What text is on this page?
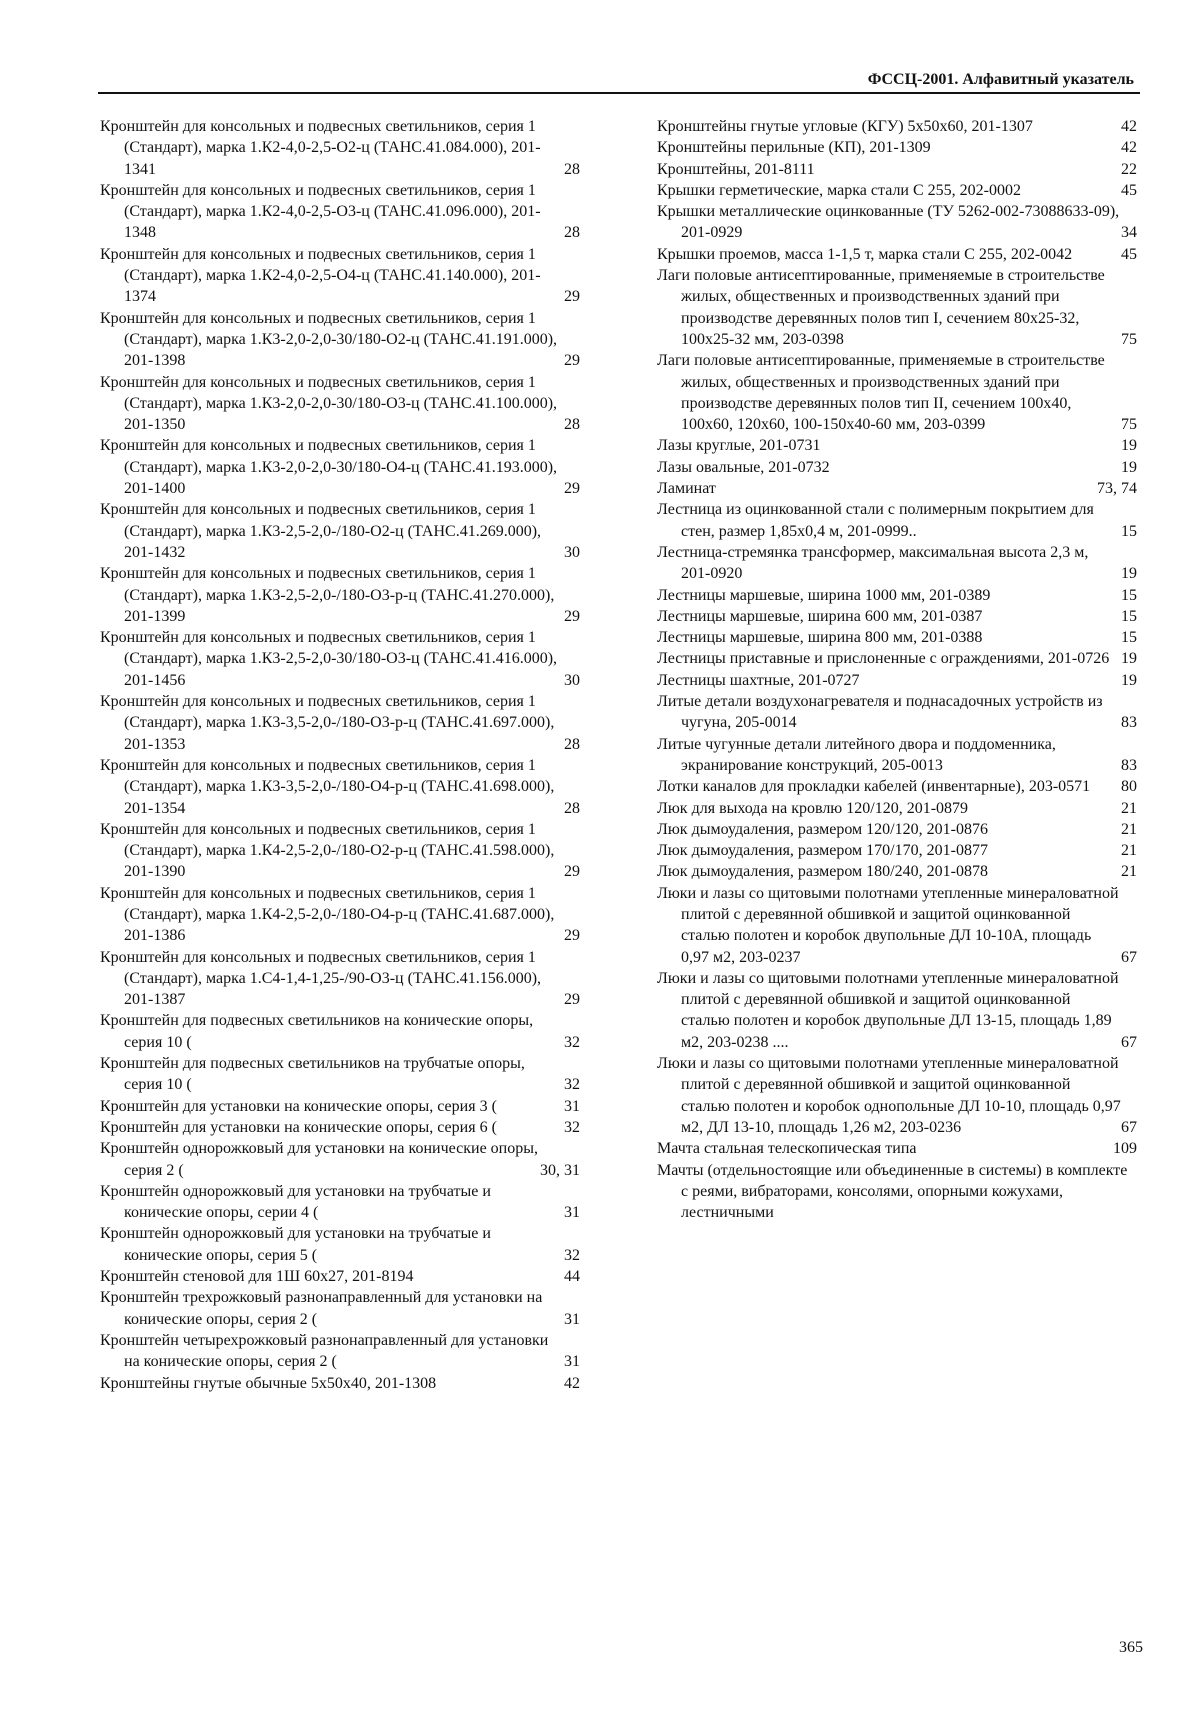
ФССЦ-2001. Алфавитный указатель
Кронштейн для консольных и подвесных светильников, серия 1 (Стандарт), марка 1.К2-4,0-2,5-О2-ц (ТАНС.41.084.000), 201-1341	28
Кронштейн для консольных и подвесных светильников, серия 1 (Стандарт), марка 1.К2-4,0-2,5-О3-ц (ТАНС.41.096.000), 201-1348	28
Кронштейн для консольных и подвесных светильников, серия 1 (Стандарт), марка 1.К2-4,0-2,5-О4-ц (ТАНС.41.140.000), 201-1374	29
Кронштейн для консольных и подвесных светильников, серия 1 (Стандарт), марка 1.К3-2,0-2,0-30/180-О2-ц (ТАНС.41.191.000), 201-1398	29
Кронштейн для консольных и подвесных светильников, серия 1 (Стандарт), марка 1.К3-2,0-2,0-30/180-О3-ц (ТАНС.41.100.000), 201-1350	28
Кронштейн для консольных и подвесных светильников, серия 1 (Стандарт), марка 1.К3-2,0-2,0-30/180-О4-ц (ТАНС.41.193.000), 201-1400	29
Кронштейн для консольных и подвесных светильников, серия 1 (Стандарт), марка 1.К3-2,5-2,0-/180-О2-ц (ТАНС.41.269.000), 201-1432	30
Кронштейн для консольных и подвесных светильников, серия 1 (Стандарт), марка 1.К3-2,5-2,0-/180-О3-р-ц (ТАНС.41.270.000), 201-1399	29
Кронштейн для консольных и подвесных светильников, серия 1 (Стандарт), марка 1.К3-2,5-2,0-30/180-О3-ц (ТАНС.41.416.000), 201-1456	30
Кронштейн для консольных и подвесных светильников, серия 1 (Стандарт), марка 1.К3-3,5-2,0-/180-О3-р-ц (ТАНС.41.697.000), 201-1353	28
Кронштейн для консольных и подвесных светильников, серия 1 (Стандарт), марка 1.К3-3,5-2,0-/180-О4-р-ц (ТАНС.41.698.000), 201-1354	28
Кронштейн для консольных и подвесных светильников, серия 1 (Стандарт), марка 1.К4-2,5-2,0-/180-О2-р-ц (ТАНС.41.598.000), 201-1390	29
Кронштейн для консольных и подвесных светильников, серия 1 (Стандарт), марка 1.К4-2,5-2,0-/180-О4-р-ц (ТАНС.41.687.000), 201-1386	29
Кронштейн для консольных и подвесных светильников, серия 1 (Стандарт), марка 1.С4-1,4-1,25-/90-О3-ц (ТАНС.41.156.000), 201-1387	29
Кронштейн для подвесных светильников на конические опоры, серия 10 (	32
Кронштейн для подвесных светильников на трубчатые опоры, серия 10 (	32
Кронштейн для установки на конические опоры, серия 3 (	31
Кронштейн для установки на конические опоры, серия 6 (	32
Кронштейн однорожковый для установки на конические опоры, серия 2 (	30, 31
Кронштейн однорожковый для установки на трубчатые и конические опоры, серии 4 (	31
Кронштейн однорожковый для установки на трубчатые и конические опоры, серия 5 (	32
Кронштейн стеновой для 1Ш 60х27, 201-8194	44
Кронштейн трехрожковый разнонаправленный для установки на конические опоры, серия 2 (	31
Кронштейн четырехрожковый разнонаправленный для установки на конические опоры, серия 2 (	31
Кронштейны гнутые обычные 5х50х40, 201-1308	42
Кронштейны гнутые угловые (КГУ) 5х50х60, 201-1307	42
Кронштейны перильные (КП), 201-1309	42
Кронштейны, 201-8111	22
Крышки герметические, марка стали С 255, 202-0002	45
Крышки металлические оцинкованные (ТУ 5262-002-73088633-09), 201-0929	34
Крышки проемов, масса 1-1,5 т, марка стали С 255, 202-0042	45
Лаги половые антисептированные, применяемые в строительстве жилых, общественных и производственных зданий при производстве деревянных полов тип I, сечением 80х25-32, 100х25-32 мм, 203-0398	75
Лаги половые антисептированные, применяемые в строительстве жилых, общественных и производственных зданий при производстве деревянных полов тип II, сечением 100х40, 100х60, 120х60, 100-150х40-60 мм, 203-0399	75
Лазы круглые, 201-0731	19
Лазы овальные, 201-0732	19
Ламинат	73, 74
Лестница из оцинкованной стали с полимерным покрытием для стен, размер 1,85х0,4 м, 201-0999..	15
Лестница-стремянка трансформер, максимальная высота 2,3 м, 201-0920	19
Лестницы маршевые, ширина 1000 мм, 201-0389	15
Лестницы маршевые, ширина 600 мм, 201-0387	15
Лестницы маршевые, ширина 800 мм, 201-0388	15
Лестницы приставные и прислоненные с ограждениями, 201-0726 19
Лестницы шахтные, 201-0727	19
Литые детали воздухонагревателя и поднасадочных устройств из чугуна, 205-0014	83
Литые чугунные детали литейного двора и поддоменника, экранирование конструкций, 205-0013	83
Лотки каналов для прокладки кабелей (инвентарные), 203-0571	80
Люк для выхода на кровлю 120/120, 201-0879	21
Люк дымоудаления, размером 120/120, 201-0876	21
Люк дымоудаления, размером 170/170, 201-0877	21
Люк дымоудаления, размером 180/240, 201-0878	21
Люки и лазы со щитовыми полотнами утепленные минераловатной плитой с деревянной обшивкой и защитой оцинкованной сталью полотен и коробок двупольные ДЛ 10-10А, площадь 0,97 м2, 203-0237	67
Люки и лазы со щитовыми полотнами утепленные минераловатной плитой с деревянной обшивкой и защитой оцинкованной сталью полотен и коробок двупольные ДЛ 13-15, площадь 1,89 м2, 203-0238 ....	67
Люки и лазы со щитовыми полотнами утепленные минераловатной плитой с деревянной обшивкой и защитой оцинкованной сталью полотен и коробок однопольные ДЛ 10-10, площадь 0,97 м2, ДЛ 13-10, площадь 1,26 м2, 203-0236	67
Мачта стальная телескопическая типа	109
Мачты (отдельностоящие или объединенные в системы) в комплекте с реями, вибраторами, консолями, опорными кожухами, лестничными
365
